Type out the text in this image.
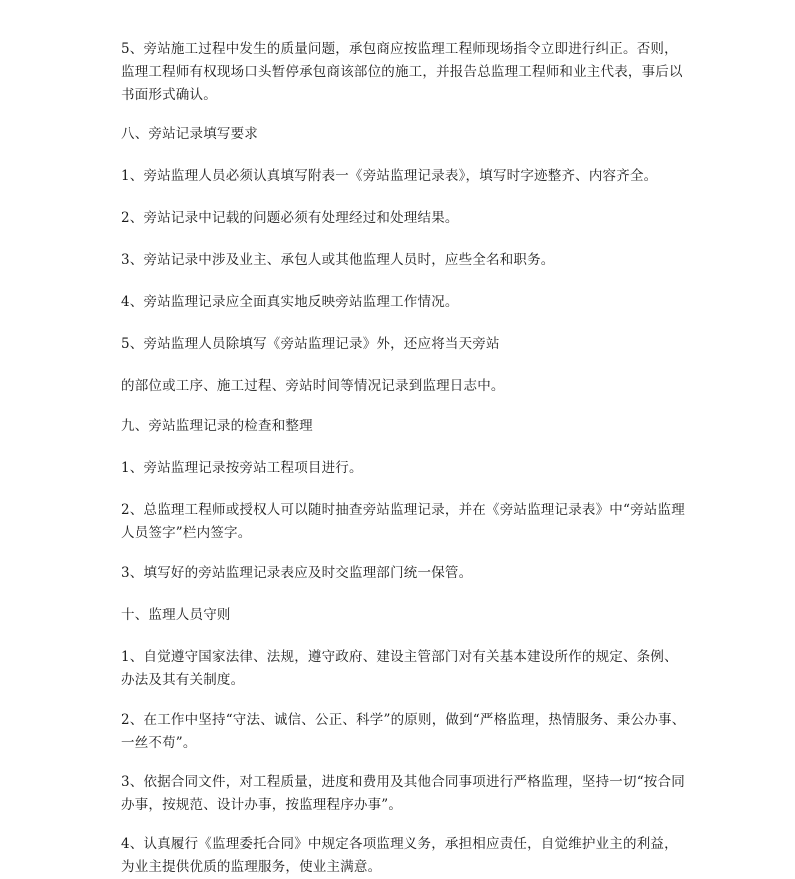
5、旁站施工过程中发生的质量问题，承包商应按监理工程师现场指令立即进行纠正。否则，监理工程师有权现场口头暂停承包商该部位的施工，并报告总监理工程师和业主代表，事后以书面形式确认。

八、旁站记录填写要求

1、旁站监理人员必须认真填写附表一《旁站监理记录表》，填写时字迹整齐、内容齐全。

2、旁站记录中记载的问题必须有处理经过和处理结果。

3、旁站记录中涉及业主、承包人或其他监理人员时，应些全名和职务。

4、旁站监理记录应全面真实地反映旁站监理工作情况。

5、旁站监理人员除填写《旁站监理记录》外，还应将当天旁站

的部位或工序、施工过程、旁站时间等情况记录到监理日志中。

九、旁站监理记录的检查和整理

1、旁站监理记录按旁站工程项目进行。

2、总监理工程师或授权人可以随时抽查旁站监理记录，并在《旁站监理记录表》中“旁站监理人员签字”栏内签字。

3、填写好的旁站监理记录表应及时交监理部门统一保管。

十、监理人员守则

1、自觉遵守国家法律、法规，遵守政府、建设主管部门对有关基本建设所作的规定、条例、办法及其有关制度。

2、在工作中坚持“守法、诚信、公正、科学”的原则，做到“严格监理，热情服务、秉公办事、一丝不苟”。

3、依据合同文件，对工程质量，进度和费用及其他合同事项进行严格监理，坚持一切“按合同办事，按规范、设计办事，按监理程序办事”。

4、认真履行《监理委托合同》中规定各项监理义务，承担相应责任，自觉维护业主的利益，为业主提供优质的监理服务，使业主满意。
